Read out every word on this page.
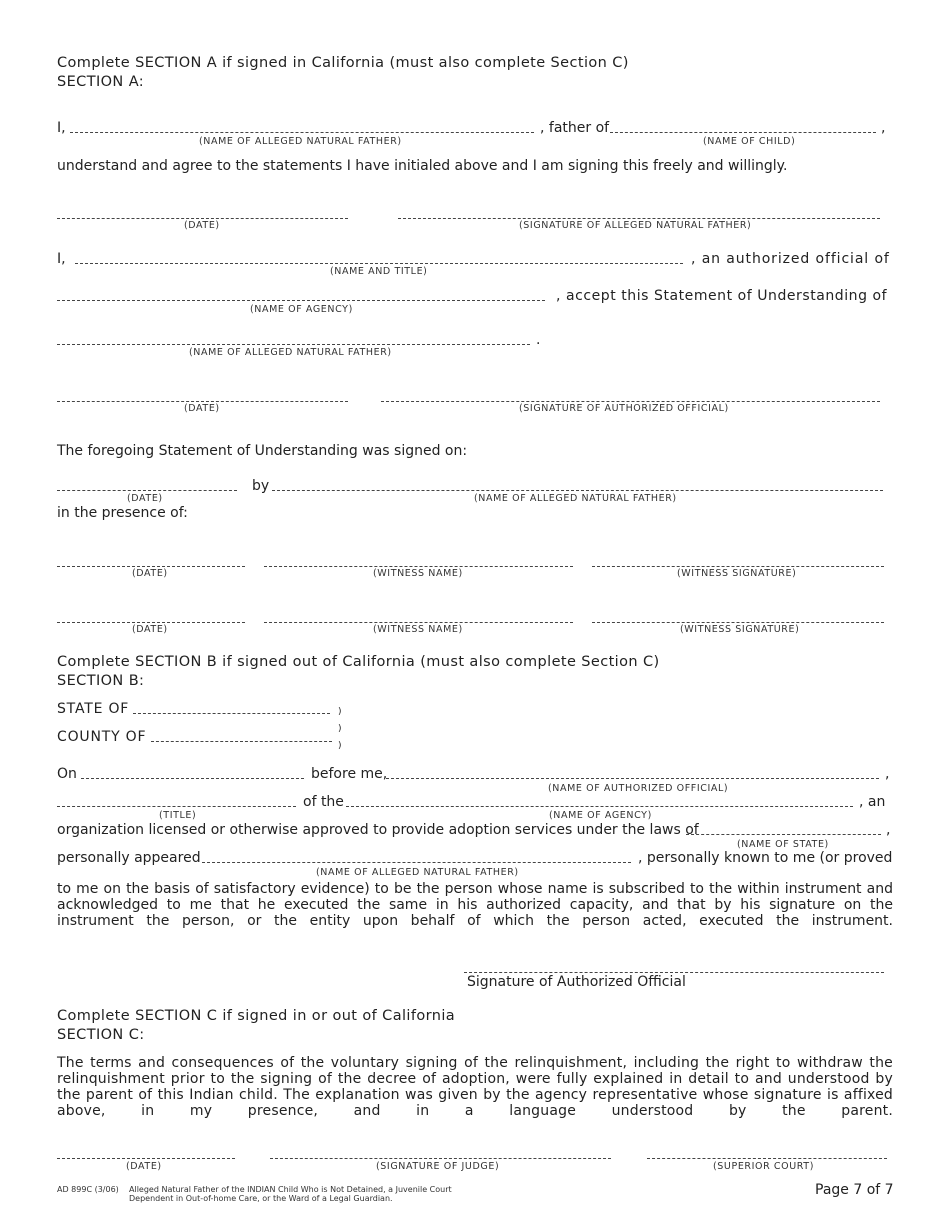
Complete SECTION A if signed in California (must also complete Section C)
SECTION A:
I,	, father of	,
(NAME OF ALLEGED NATURAL FATHER)	(NAME OF CHILD)
understand and agree to the statements I have initialed above and I am signing this freely and willingly.
(DATE)	(SIGNATURE OF ALLEGED NATURAL FATHER)
I,	, an authorized official of
(NAME AND TITLE)
, accept this Statement of Understanding of
(NAME OF AGENCY)
.
(NAME OF ALLEGED NATURAL FATHER)
(DATE)	(SIGNATURE OF AUTHORIZED OFFICIAL)
The foregoing Statement of Understanding was signed on:
by
(DATE)	(NAME OF ALLEGED NATURAL FATHER)
in the presence of:
(DATE)	(WITNESS NAME)	(WITNESS SIGNATURE)
(DATE)	(WITNESS NAME)	(WITNESS SIGNATURE)
Complete SECTION B if signed out of California (must also complete Section C)
SECTION B:
STATE OF	)
)
COUNTY OF
)
On	before me,	,
(NAME OF AUTHORIZED OFFICIAL)
of the	, an
(TITLE)	(NAME OF AGENCY)
organization licensed or otherwise approved to provide adoption services under the laws of	,
(NAME OF STATE)
personally appeared	, personally known to me (or proved
(NAME OF ALLEGED NATURAL FATHER)
to me on the basis of satisfactory evidence) to be the person whose name is subscribed to the within instrument and acknowledged to me that he executed the same in his authorized capacity, and that by his signature on the instrument the person, or the entity upon behalf of which the person acted, executed the instrument.
Signature of Authorized Official
Complete SECTION C if signed in or out of California
SECTION C:
The terms and consequences of the voluntary signing of the relinquishment, including the right to withdraw the relinquishment prior to the signing of the decree of adoption, were fully explained in detail to and understood by the parent of this Indian child. The explanation was given by the agency representative whose signature is affixed above, in my presence, and in a language understood by the parent.
(DATE)	(SIGNATURE OF JUDGE)	(SUPERIOR COURT)
AD 899C (3/06) Alleged Natural Father of the INDIAN Child Who is Not Detained, a Juvenile Court
Dependent in Out-of-home Care, or the Ward of a Legal Guardian.
Page 7 of 7
